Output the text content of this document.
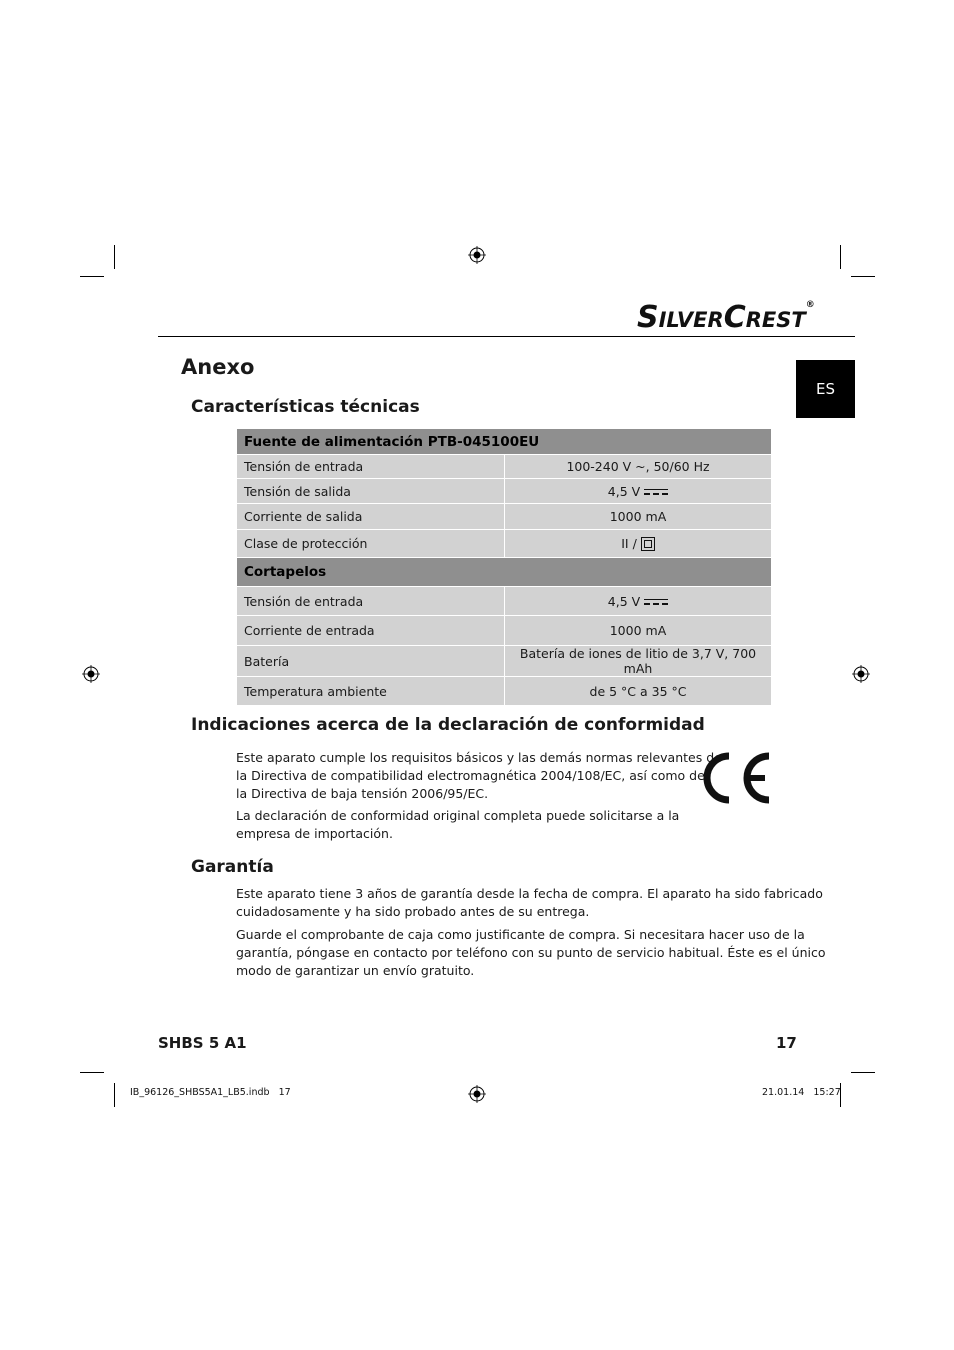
SILVERCREST®
ES
Anexo
Características técnicas
Fuente de alimentación PTB-045100EU	
Tensión de entrada	100-240 V ~, 50/60 Hz
Tensión de salida	4,5 V

Corriente de salida	1000 mA
Clase de protección	II /
Cortapelos	
Tensión de entrada	4,5 V

Corriente de entrada	1000 mA
Batería	Batería de iones de litio de 3,7 V, 700 mAh
Temperatura ambiente	de 5 °C a 35 °C
Indicaciones acerca de la declaración de conformidad
Este aparato cumple los requisitos básicos y las demás normas relevantes de
la Directiva de compatibilidad electromagnética 2004/108/EC, así como de
la Directiva de baja tensión 2006/95/EC.
La declaración de conformidad original completa puede solicitarse a la
empresa de importación.
Garantía
Este aparato tiene 3 años de garantía desde la fecha de compra. El aparato ha sido fabricado
cuidadosamente y ha sido probado antes de su entrega.
Guarde el comprobante de caja como justificante de compra. Si necesitara hacer uso de la
garantía, póngase en contacto por teléfono con su punto de servicio habitual. Éste es el único
modo de garantizar un envío gratuito.
SHBS 5 A1	17
IB_96126_SHBS5A1_LB5.indb   17	21.01.14   15:27
